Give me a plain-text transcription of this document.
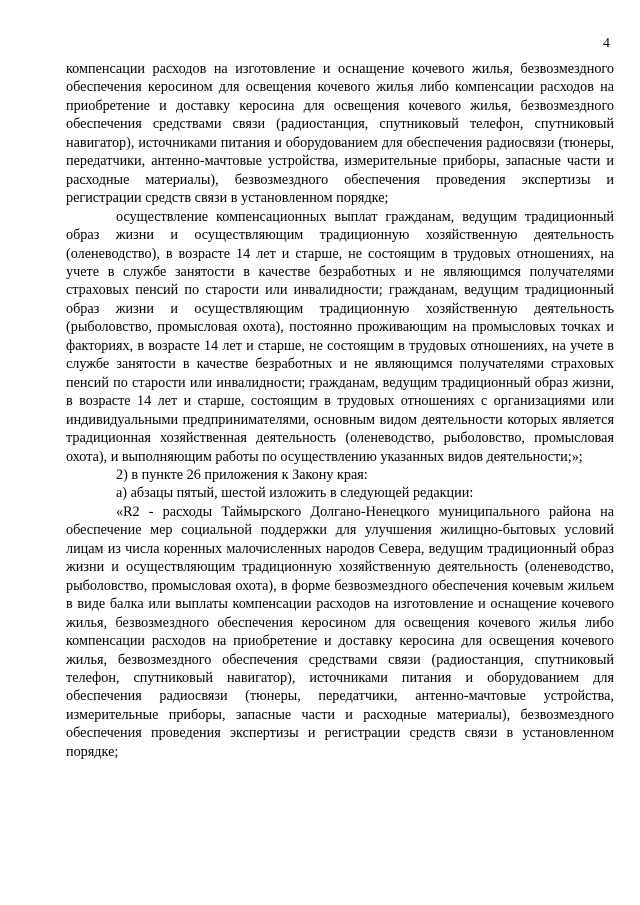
4

компенсации расходов на изготовление и оснащение кочевого жилья, безвозмездного обеспечения керосином для освещения кочевого жилья либо компенсации расходов на приобретение и доставку керосина для освещения кочевого жилья, безвозмездного обеспечения средствами связи (радиостанция, спутниковый телефон, спутниковый навигатор), источниками питания и оборудованием для обеспечения радиосвязи (тюнеры, передатчики, антенно-мачтовые устройства, измерительные приборы, запасные части и расходные материалы), безвозмездного обеспечения проведения экспертизы и регистрации средств связи в установленном порядке;

осуществление компенсационных выплат гражданам, ведущим традиционный образ жизни и осуществляющим традиционную хозяйственную деятельность (оленеводство), в возрасте 14 лет и старше, не состоящим в трудовых отношениях, на учете в службе занятости в качестве безработных и не являющимся получателями страховых пенсий по старости или инвалидности; гражданам, ведущим традиционный образ жизни и осуществляющим традиционную хозяйственную деятельность (рыболовство, промысловая охота), постоянно проживающим на промысловых точках и факториях, в возрасте 14 лет и старше, не состоящим в трудовых отношениях, на учете в службе занятости в качестве безработных и не являющимся получателями страховых пенсий по старости или инвалидности; гражданам, ведущим традиционный образ жизни, в возрасте 14 лет и старше, состоящим в трудовых отношениях с организациями или индивидуальными предпринимателями, основным видом деятельности которых является традиционная хозяйственная деятельность (оленеводство, рыболовство, промысловая охота), и выполняющим работы по осуществлению указанных видов деятельности;»;

2) в пункте 26 приложения к Закону края:

а) абзацы пятый, шестой изложить в следующей редакции:

«R2 - расходы Таймырского Долгано-Ненецкого муниципального района на обеспечение мер социальной поддержки для улучшения жилищно-бытовых условий лицам из числа коренных малочисленных народов Севера, ведущим традиционный образ жизни и осуществляющим традиционную хозяйственную деятельность (оленеводство, рыболовство, промысловая охота), в форме безвозмездного обеспечения кочевым жильем в виде балка или выплаты компенсации расходов на изготовление и оснащение кочевого жилья, безвозмездного обеспечения керосином для освещения кочевого жилья либо компенсации расходов на приобретение и доставку керосина для освещения кочевого жилья, безвозмездного обеспечения средствами связи (радиостанция, спутниковый телефон, спутниковый навигатор), источниками питания и оборудованием для обеспечения радиосвязи (тюнеры, передатчики, антенно-мачтовые устройства, измерительные приборы, запасные части и расходные материалы), безвозмездного обеспечения проведения экспертизы и регистрации средств связи в установленном порядке;
